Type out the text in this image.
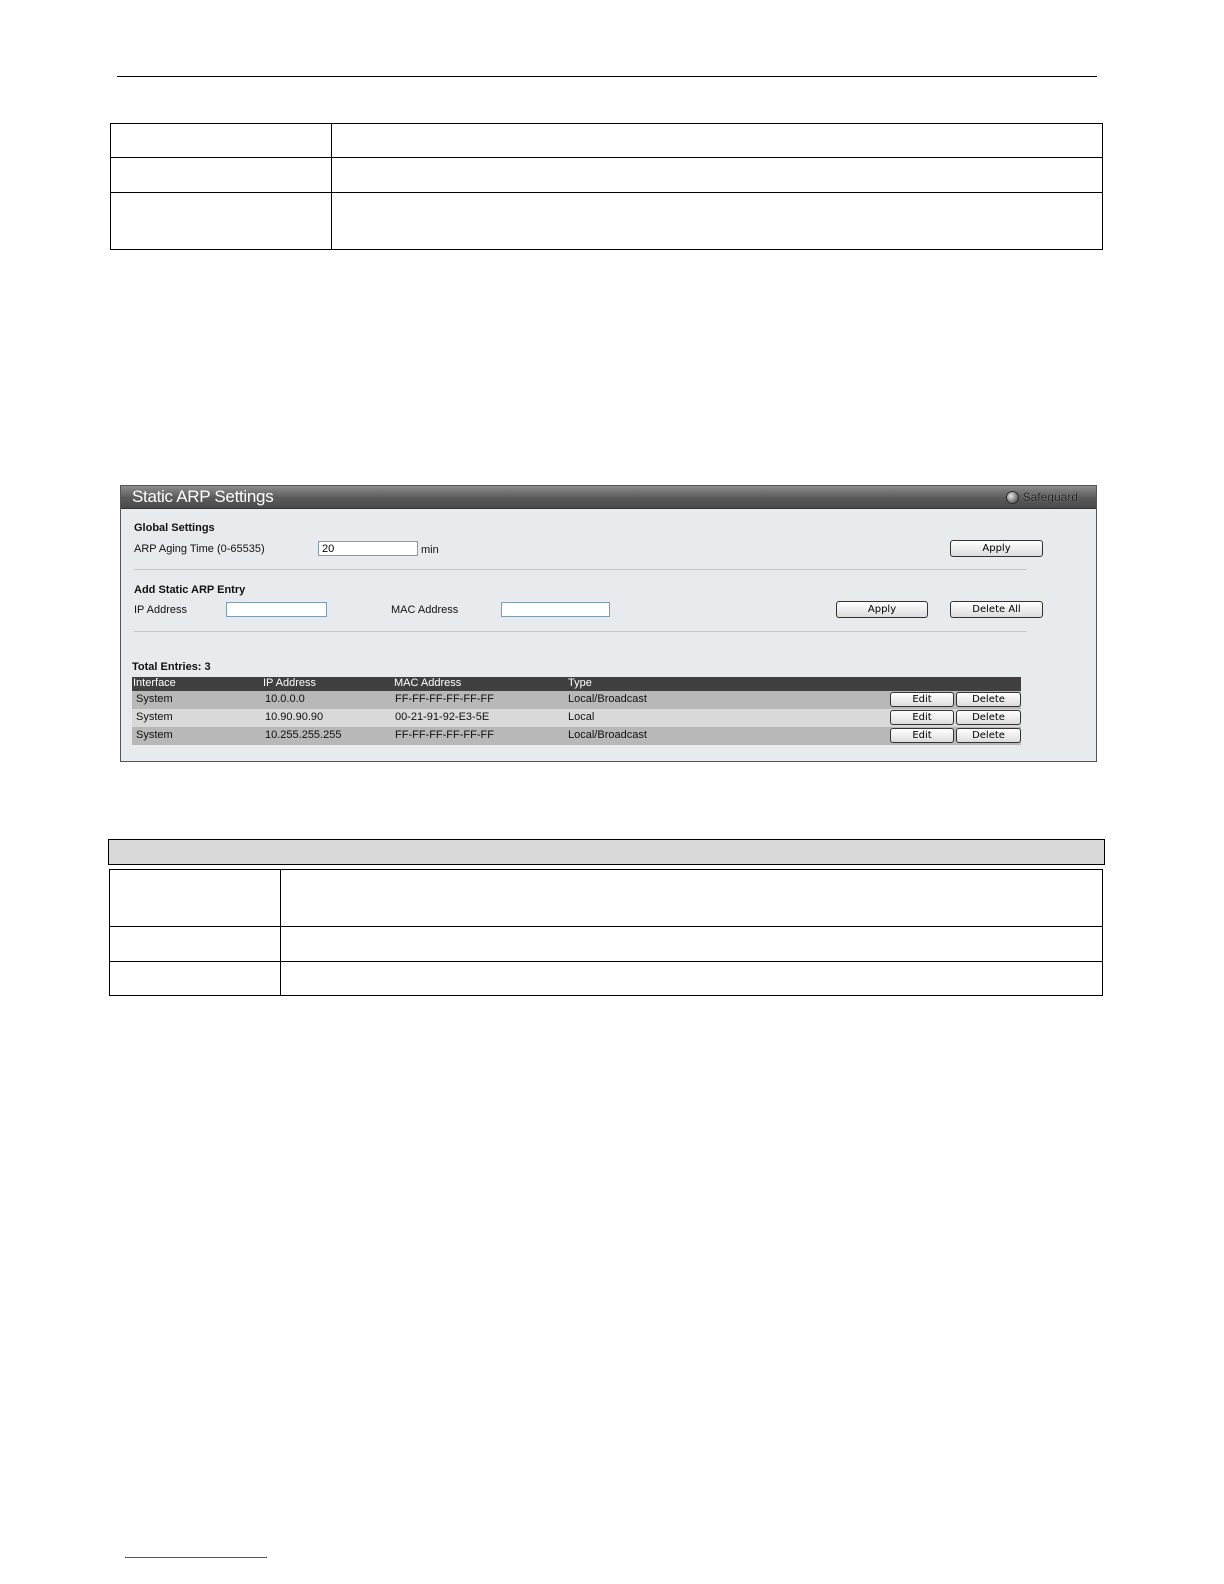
Static ARP Settings	Safeguard
Global Settings
ARP Aging Time (0-65535)
20	min	Apply
Add Static ARP Entry
IP Address	MAC Address	Apply	Delete All
Total Entries: 3
Interface	IP Address	MAC Address	Type
System	10.0.0.0	FF-FF-FF-FF-FF-FF	Local/Broadcast	Edit	Delete
System	10.90.90.90	00-21-91-92-E3-5E	Local	Edit	Delete
System	10.255.255.255	FF-FF-FF-FF-FF-FF	Local/Broadcast	Edit	Delete
